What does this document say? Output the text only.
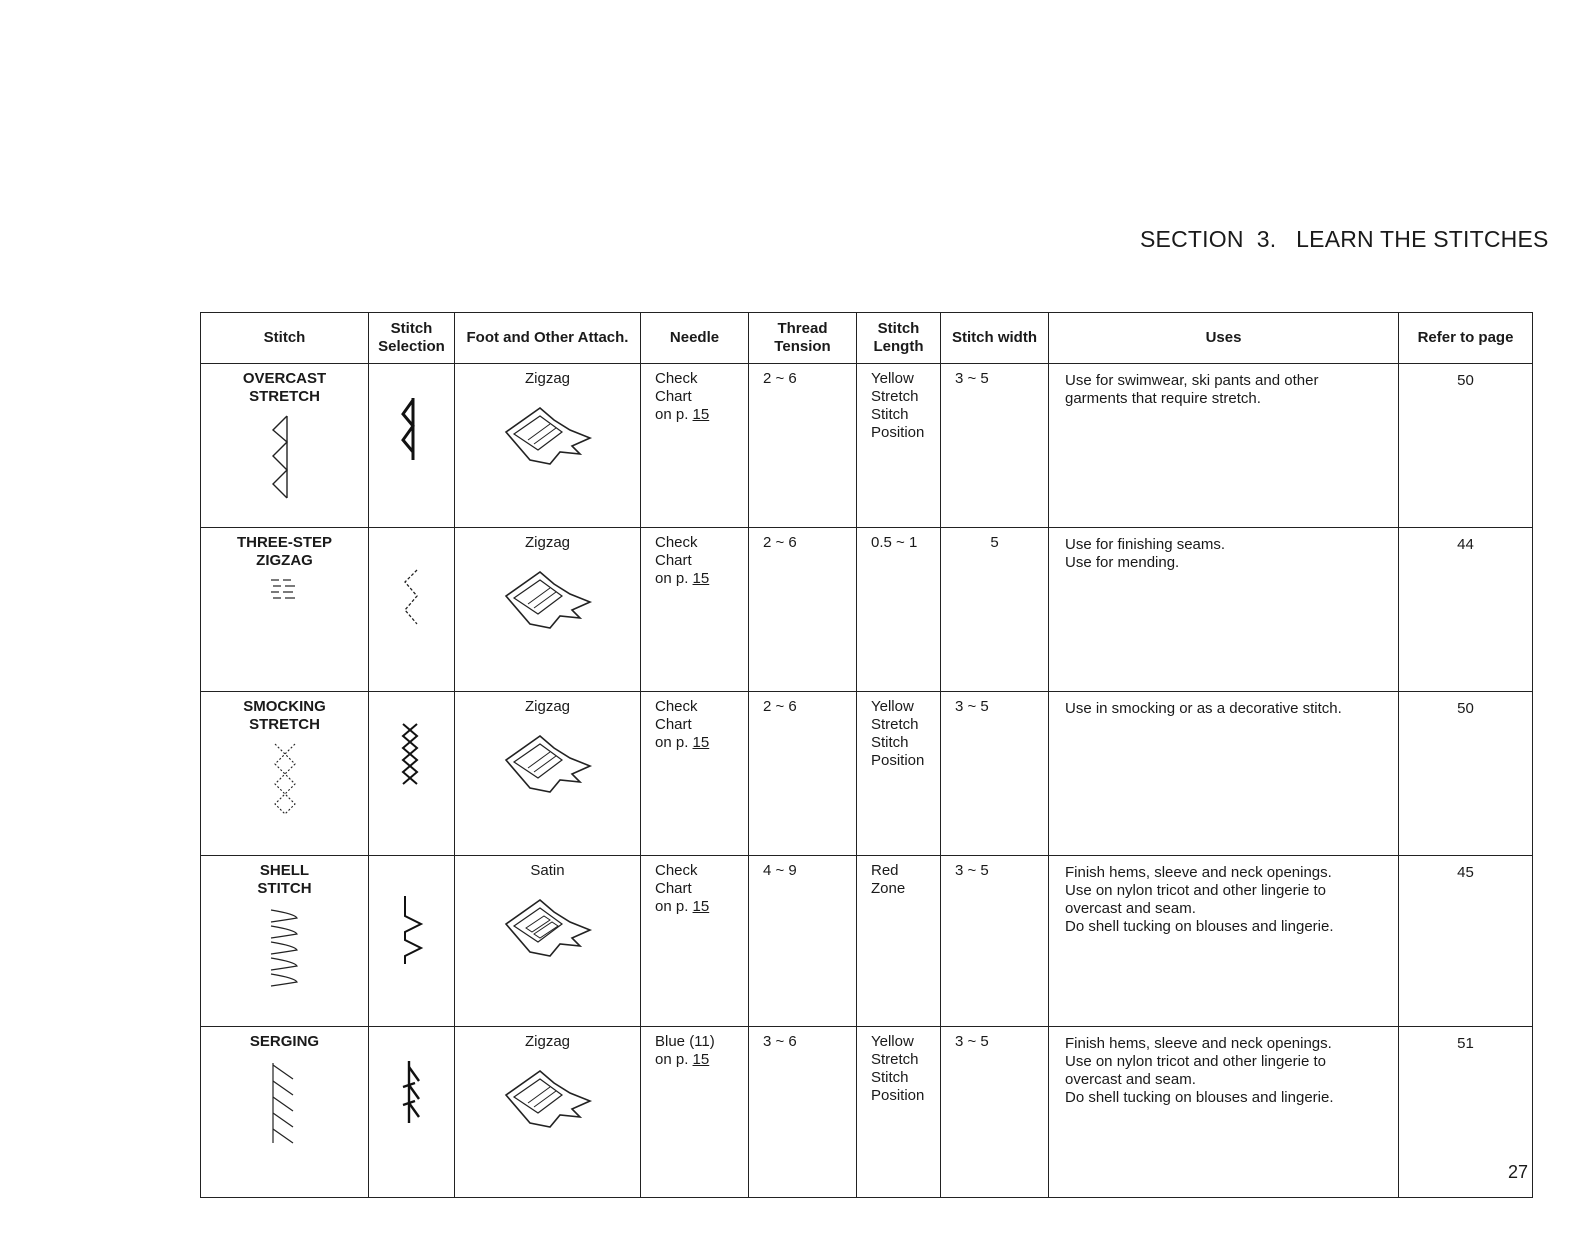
SECTION  3.   LEARN THE STITCHES
Stitch	Stitch Selection	Foot and Other Attach.	Needle	Thread Tension	Stitch Length	Stitch width	Uses	Refer to page

OVERCAST
STRETCH		Zigzag	Check
Chart
on p. 15	2 ~ 6	Yellow
Stretch
Stitch
Position	3 ~ 5	Use for swimwear, ski pants and other
garments that require stretch.	50

THREE-STEP
ZIGZAG		Zigzag	Check
Chart
on p. 15	2 ~ 6	0.5 ~ 1	5	Use for finishing seams.
Use for mending.	44

SMOCKING
STRETCH		Zigzag	Check
Chart
on p. 15	2 ~ 6	Yellow
Stretch
Stitch
Position	3 ~ 5	Use in smocking or as a decorative stitch.	50

SHELL
STITCH		Satin	Check
Chart
on p. 15	4 ~ 9	Red
Zone	3 ~ 5	Finish hems, sleeve and neck openings.
Use on nylon tricot and other lingerie to
overcast and seam.
Do shell tucking on blouses and lingerie.	45

SERGING		Zigzag	Blue (11)
on p. 15	3 ~ 6	Yellow
Stretch
Stitch
Position	3 ~ 5	Finish hems, sleeve and neck openings.
Use on nylon tricot and other lingerie to
overcast and seam.
Do shell tucking on blouses and lingerie.	51
27
